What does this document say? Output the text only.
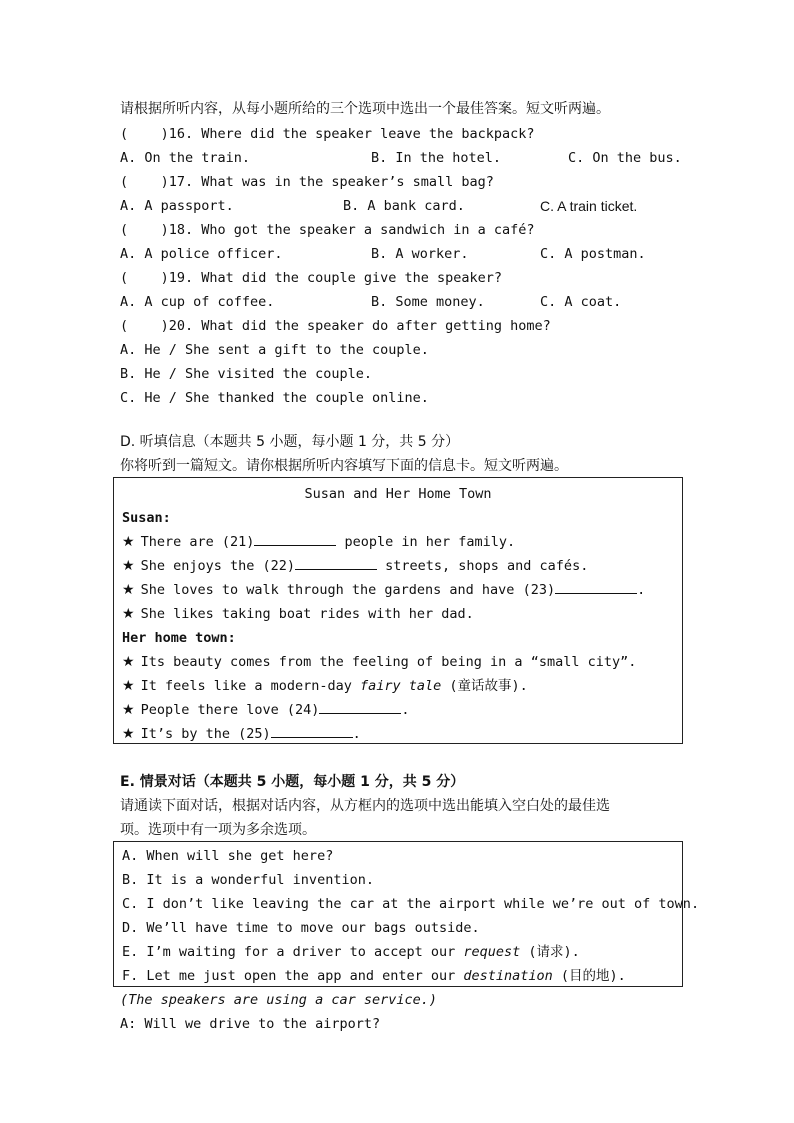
请根据所听内容，从每小题所给的三个选项中选出一个最佳答案。短文听两遍。
(    )16. Where did the speaker leave the backpack?
A. On the train.	B. In the hotel.	C. On the bus.
(    )17. What was in the speaker’s small bag?
A. A passport.	B. A bank card.	C. A train ticket.
(    )18. Who got the speaker a sandwich in a café?
A. A police officer.	B. A worker.	C. A postman.
(    )19. What did the couple give the speaker?
A. A cup of coffee.	B. Some money.	C. A coat.
(    )20. What did the speaker do after getting home?
A. He / She sent a gift to the couple.
B. He / She visited the couple.
C. He / She thanked the couple online.
D. 听填信息（本题共 5 小题，每小题 1 分，共 5 分）
你将听到一篇短文。请你根据所听内容填写下面的信息卡。短文听两遍。
Susan and Her Home Town
Susan:
★ There are (21)	people in her family.
★ She enjoys the (22)	streets, shops and cafés.
★ She loves to walk through the gardens and have (23)	.
★ She likes taking boat rides with her dad.
Her home town:
★ Its beauty comes from the feeling of being in a “small city”.
★ It feels like a modern-day fairy tale (童话故事).
★ People there love (24)	.
★ It’s by the (25)	.
E. 情景对话（本题共 5 小题，每小题 1 分，共 5 分）
请通读下面对话，根据对话内容，从方框内的选项中选出能填入空白处的最佳选
项。选项中有一项为多余选项。
A. When will she get here?
B. It is a wonderful invention.
C. I don’t like leaving the car at the airport while we’re out of town.
D. We’ll have time to move our bags outside.
E. I’m waiting for a driver to accept our request (请求).
F. Let me just open the app and enter our destination (目的地).
(The speakers are using a car service.)
A: Will we drive to the airport?
